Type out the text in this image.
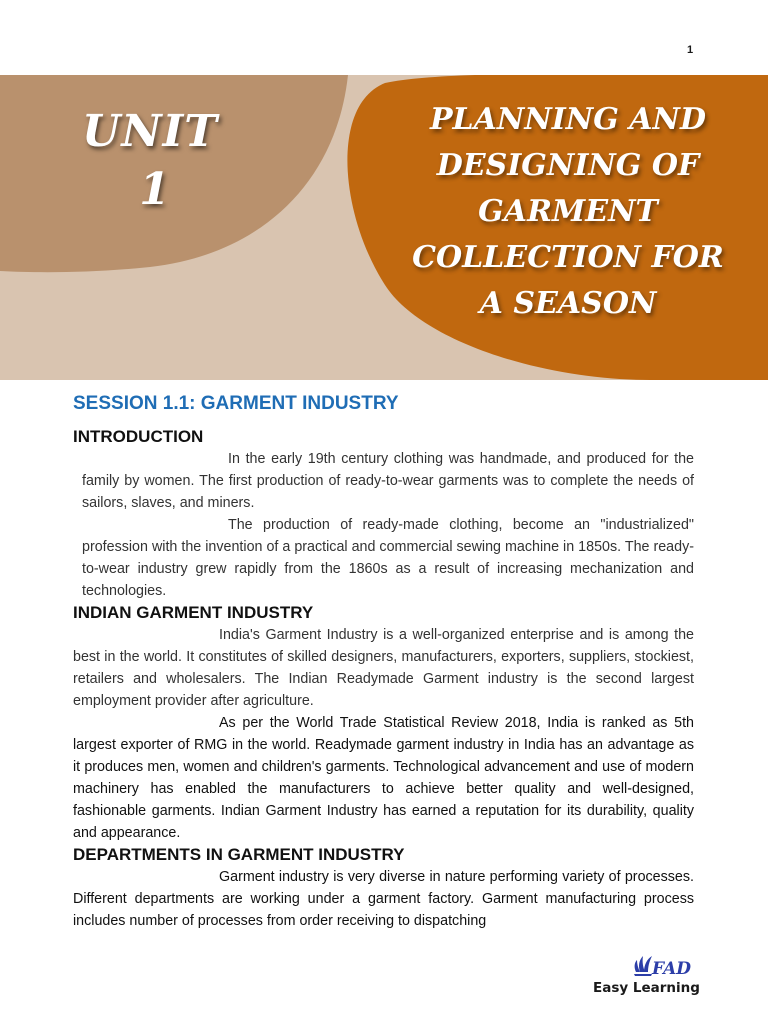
1
UNIT
1
PLANNING AND
DESIGNING OF
GARMENT
COLLECTION FOR
A SEASON
SESSION 1.1: GARMENT INDUSTRY
INTRODUCTION

In the early 19th century clothing was handmade, and produced for the family by women. The first production of ready-to-wear garments was to complete the needs of sailors, slaves, and miners.

The production of ready-made clothing, become an "industrialized" profession with the invention of a practical and commercial sewing machine in 1850s. The ready-to-wear industry grew rapidly from the 1860s as a result of increasing mechanization and technologies.

INDIAN GARMENT INDUSTRY

India's Garment Industry is a well-organized enterprise and is among the best in the world. It constitutes of skilled designers, manufacturers, exporters, suppliers, stockiest, retailers and wholesalers. The Indian Readymade Garment industry is the second largest employment provider after agriculture.

As per the World Trade Statistical Review 2018, India is ranked as 5th largest exporter of RMG in the world. Readymade garment industry in India has an advantage as it produces men, women and children's garments. Technological advancement and use of modern machinery has enabled the manufacturers to achieve better quality and well-designed, fashionable garments. Indian Garment Industry has earned a reputation for its durability, quality and appearance.

DEPARTMENTS IN GARMENT INDUSTRY

Garment industry is very diverse in nature performing variety of processes. Different departments are working under a garment factory. Garment manufacturing process includes number of processes from order receiving to dispatching

FAD
Easy Learning
